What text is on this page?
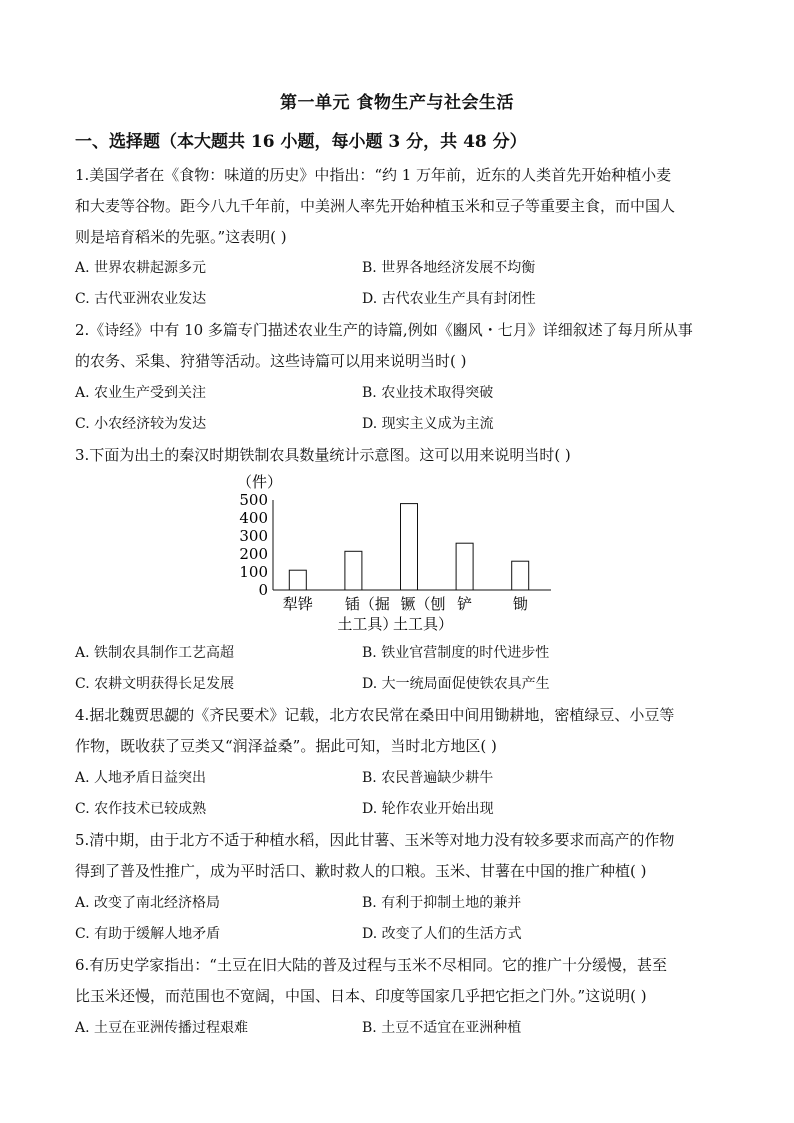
第一单元 食物生产与社会生活
一、选择题（本大题共 16 小题，每小题 3 分，共 48 分）
1.美国学者在《食物：味道的历史》中指出：“约 1 万年前，近东的人类首先开始种植小麦
和大麦等谷物。距今八九千年前，中美洲人率先开始种植玉米和豆子等重要主食，而中国人
则是培育稻米的先驱。”这表明( )
A. 世界农耕起源多元	B. 世界各地经济发展不均衡
C. 古代亚洲农业发达	D. 古代农业生产具有封闭性
2.《诗经》中有 10 多篇专门描述农业生产的诗篇,例如《豳风・七月》详细叙述了每月所从事
的农务、采集、狩猎等活动。这些诗篇可以用来说明当时( )
A. 农业生产受到关注	B. 农业技术取得突破
C. 小农经济较为发达	D. 现实主义成为主流
3.下面为出土的秦汉时期铁制农具数量统计示意图。这可以用来说明当时( )
（件）
0
100
200
300
400
500
犁铧 锸（掘 镢（刨 铲	锄
土工具）
土工具）
A. 铁制农具制作工艺高超	B. 铁业官营制度的时代进步性
C. 农耕文明获得长足发展	D. 大一统局面促使铁农具产生
4.据北魏贾思勰的《齐民要术》记载，北方农民常在桑田中间用锄耕地，密植绿豆、小豆等
作物，既收获了豆类又“润泽益桑”。据此可知，当时北方地区( )
A. 人地矛盾日益突出	B. 农民普遍缺少耕牛
C. 农作技术已较成熟	D. 轮作农业开始出现
5.清中期，由于北方不适于种植水稻，因此甘薯、玉米等对地力没有较多要求而高产的作物
得到了普及性推广，成为平时活口、歉时救人的口粮。玉米、甘薯在中国的推广种植( )
A. 改变了南北经济格局	B. 有利于抑制土地的兼并
C. 有助于缓解人地矛盾	D. 改变了人们的生活方式
6.有历史学家指出：“土豆在旧大陆的普及过程与玉米不尽相同。它的推广十分缓慢，甚至
比玉米还慢，而范围也不宽阔，中国、日本、印度等国家几乎把它拒之门外。”这说明( )
A. 土豆在亚洲传播过程艰难	B. 土豆不适宜在亚洲种植
